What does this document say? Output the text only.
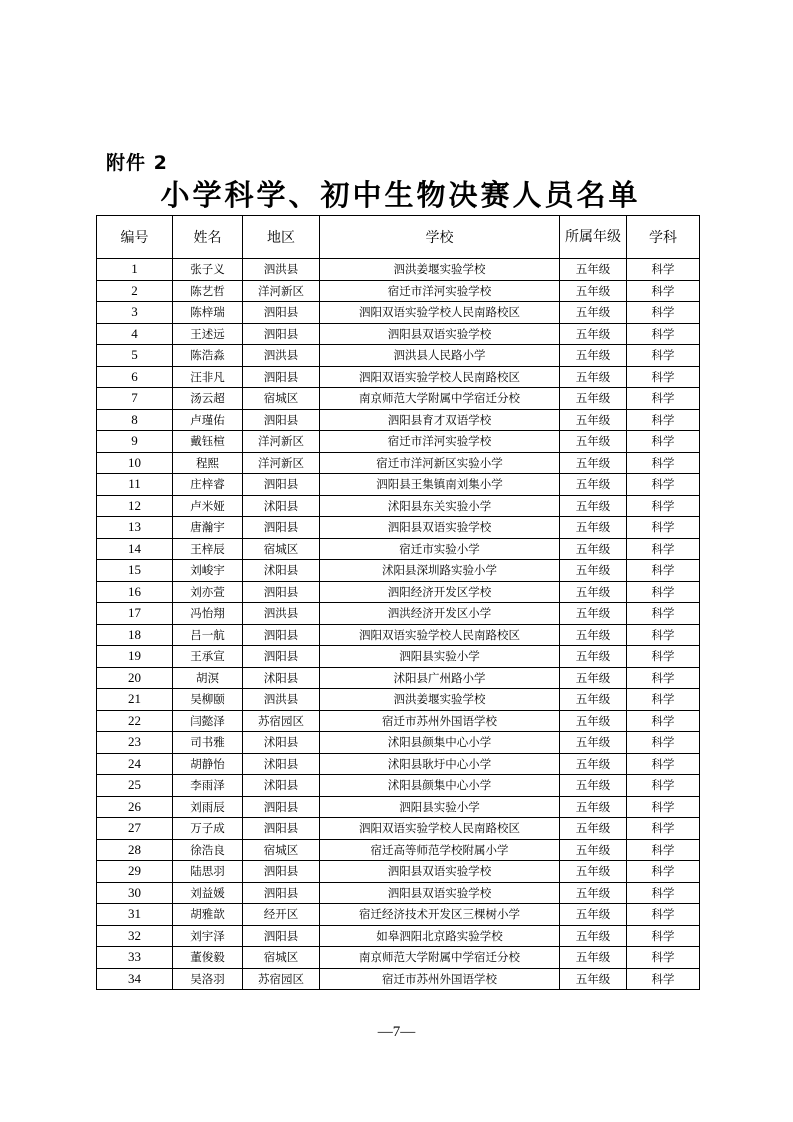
附件 2
小学科学、初中生物决赛人员名单
编号	姓名	地区	学校	所属年级	学科
1	张子义	泗洪县	泗洪姜堰实验学校	五年级	科学
2	陈艺哲	洋河新区	宿迁市洋河实验学校	五年级	科学
3	陈梓瑞	泗阳县	泗阳双语实验学校人民南路校区	五年级	科学
4	王述远	泗阳县	泗阳县双语实验学校	五年级	科学
5	陈浩淼	泗洪县	泗洪县人民路小学	五年级	科学
6	汪非凡	泗阳县	泗阳双语实验学校人民南路校区	五年级	科学
7	汤云超	宿城区	南京师范大学附属中学宿迁分校	五年级	科学
8	卢瑾佑	泗阳县	泗阳县育才双语学校	五年级	科学
9	戴钰楦	洋河新区	宿迁市洋河实验学校	五年级	科学
10	程熙	洋河新区	宿迁市洋河新区实验小学	五年级	科学
11	庄梓睿	泗阳县	泗阳县王集镇南刘集小学	五年级	科学
12	卢米娅	沭阳县	沭阳县东关实验小学	五年级	科学
13	唐瀚宇	泗阳县	泗阳县双语实验学校	五年级	科学
14	王梓辰	宿城区	宿迁市实验小学	五年级	科学
15	刘峻宇	沭阳县	沭阳县深圳路实验小学	五年级	科学
16	刘亦萱	泗阳县	泗阳经济开发区学校	五年级	科学
17	冯怡翔	泗洪县	泗洪经济开发区小学	五年级	科学
18	吕一航	泗阳县	泗阳双语实验学校人民南路校区	五年级	科学
19	王承宣	泗阳县	泗阳县实验小学	五年级	科学
20	胡溟	沭阳县	沭阳县广州路小学	五年级	科学
21	吴柳颐	泗洪县	泗洪姜堰实验学校	五年级	科学
22	闫懿泽	苏宿园区	宿迁市苏州外国语学校	五年级	科学
23	司书雅	沭阳县	沭阳县颜集中心小学	五年级	科学
24	胡静怡	沭阳县	沭阳县耿圩中心小学	五年级	科学
25	李雨泽	沭阳县	沭阳县颜集中心小学	五年级	科学
26	刘雨辰	泗阳县	泗阳县实验小学	五年级	科学
27	万子成	泗阳县	泗阳双语实验学校人民南路校区	五年级	科学
28	徐浩良	宿城区	宿迁高等师范学校附属小学	五年级	科学
29	陆思羽	泗阳县	泗阳县双语实验学校	五年级	科学
30	刘益媛	泗阳县	泗阳县双语实验学校	五年级	科学
31	胡雅歆	经开区	宿迁经济技术开发区三棵树小学	五年级	科学
32	刘宇泽	泗阳县	如皋泗阳北京路实验学校	五年级	科学
33	董俊毅	宿城区	南京师范大学附属中学宿迁分校	五年级	科学
34	吴洛羽	苏宿园区	宿迁市苏州外国语学校	五年级	科学
—7—
